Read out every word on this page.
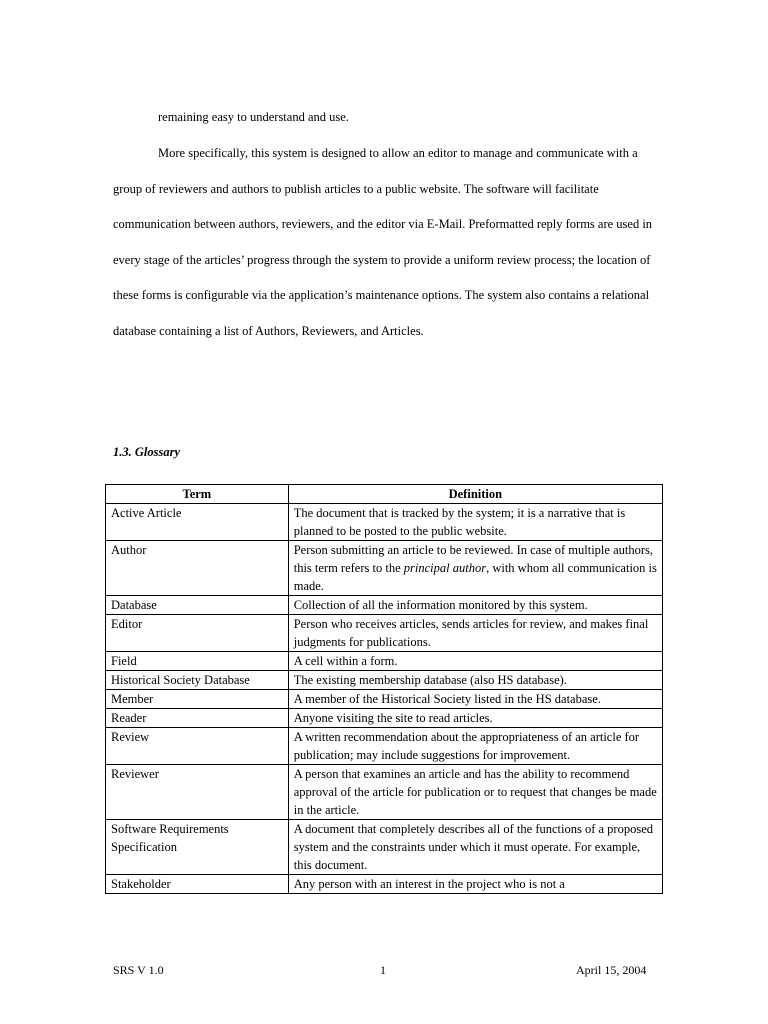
remaining easy to understand and use.

More specifically, this system is designed to allow an editor to manage and communicate with a group of reviewers and authors to publish articles to a public website. The software will facilitate communication between authors, reviewers, and the editor via E-Mail. Preformatted reply forms are used in every stage of the articles’ progress through the system to provide a uniform review process; the location of these forms is configurable via the application’s maintenance options. The system also contains a relational database containing a list of Authors, Reviewers, and Articles.

1.3. Glossary
Term	Definition
Active Article	The document that is tracked by the system; it is a narrative that is planned to be posted to the public website.
Author	Person submitting an article to be reviewed. In case of multiple authors, this term refers to the principal author, with whom all communication is made.
Database	Collection of all the information monitored by this system.
Editor	Person who receives articles, sends articles for review, and makes final judgments for publications.
Field	A cell within a form.
Historical Society Database	The existing membership database (also HS database).
Member	A member of the Historical Society listed in the HS database.
Reader	Anyone visiting the site to read articles.
Review	A written recommendation about the appropriateness of an article for publication; may include suggestions for improvement.
Reviewer	A person that examines an article and has the ability to recommend approval of the article for publication or to request that changes be made in the article.
Software Requirements Specification	A document that completely describes all of the functions of a proposed system and the constraints under which it must operate. For example, this document.
Stakeholder	Any person with an interest in the project who is not a
SRS V 1.0	1	April 15, 2004
